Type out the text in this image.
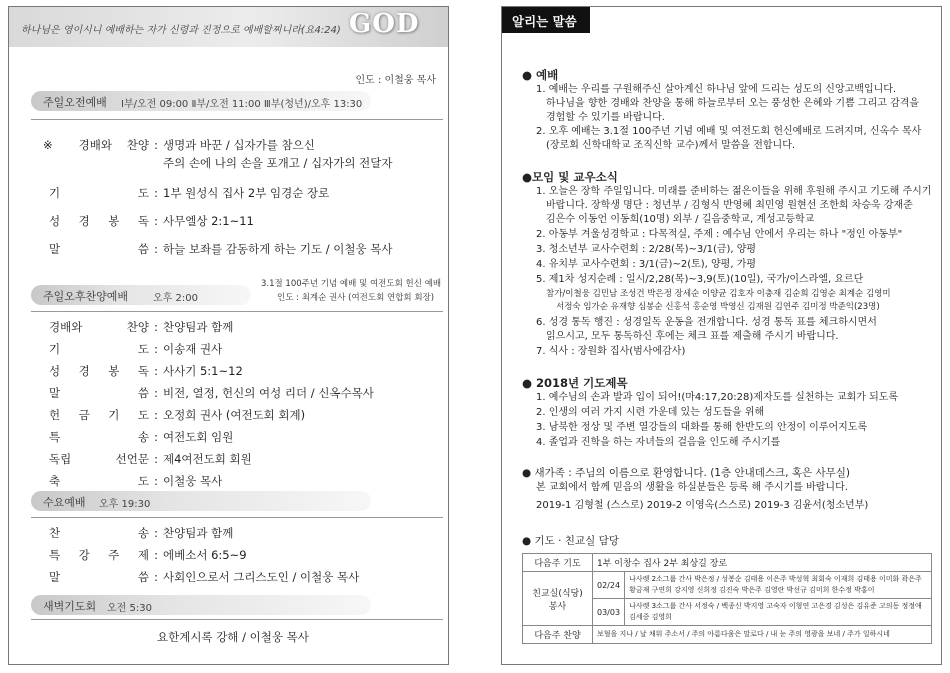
하나님은 영이시니 예배하는 자가 신령과 진정으로 예배할찌니라(요4:24) GOD
인도 : 이철웅 목사
주일오전예배 Ⅰ부/오전 09:00 Ⅱ부/오전 11:00 Ⅲ부(청년)/오후 13:30
※ 경배와 찬양 : 생명과 바꾼 / 십자가를 참으신
주의 손에 나의 손을 포개고 / 십자가의 전달자
기 도 : 1부 원성식 집사 2부 임경순 장로
성 경 봉 독 : 사무엘상 2:1~11
말 씀 : 하늘 보좌를 감동하게 하는 기도 / 이철웅 목사
주일오후찬양예배 오후 2:00
3.1절 100주년 기념 예배 및 여전도회 헌신 예배
인도 : 최계순 권사 (여전도회 연합회 회장)
경배와 찬양 : 찬양팀과 함께
기 도 : 이송재 권사
성 경 봉 독 : 사사기 5:1~12
말 씀 : 비전, 열정, 헌신의 여성 리더 / 신옥수목사
헌 금 기 도 : 오정희 권사 (여전도회 회계)
특 송 : 여전도회 임원
독립 선언문 : 제4여전도회 회원
축 도 : 이철웅 목사
수요예배 오후 19:30
찬 송 : 찬양팀과 함께
특 강 주 제 : 에베소서 6:5~9
말 씀 : 사회인으로서 그리스도인 / 이철웅 목사
새벽기도회 오전 5:30
요한계시록 강해 / 이철웅 목사
알리는 말씀
● 예배
1. 예배는 우리를 구원해주신 살아계신 하나님 앞에 드리는 성도의 신앙고백입니다.
하나님을 향한 경배와 찬양을 통해 하늘로부터 오는 풍성한 은혜와 기쁨 그리고 감격을
경험할 수 있기를 바랍니다.
2. 오후 예배는 3.1절 100주년 기념 예배 및 여전도회 헌신예배로 드려지며, 신옥수 목사
(장로회 신학대학교 조직신학 교수)께서 말씀을 전합니다.
●모임 및 교우소식
1. 오늘은 장학 주일입니다. 미래를 준비하는 젊은이들을 위해 후원해 주시고 기도해 주시기
바랍니다. 장학생 명단 : 청년부 / 김형식 반영혜 최민영 원현선 조한희 차승욱 강재준
김은수 이동언 이동희(10명) 외부 / 길음중학교, 계성고등학교
2. 아동부 겨울성경학교 : 다목적실, 주제 : 예수님 안에서 우리는 하나 "정인 아동부"
3. 청소년부 교사수련회 : 2/28(목)~3/1(금), 양평
4. 유치부 교사수련회 : 3/1(금)~2(토), 양평, 가평
5. 제1차 성지순례 : 일시/2,28(목)~3,9(토)(10일), 국가/이스라엘, 요르단
참가/이철웅 김민남 조성건 박은정 장세순 이양균 김호자 이충재 김순희 김영순 최계순 김영미
서정숙 임가순 유재향 심봉순 신홍석 홍순영 박영신 김재원 김연주 김미정 박준익(23명)
6. 성경 통독 행진 : 성경일독 운동을 전개합니다. 성경 통독 표를 체크하시면서
읽으시고, 모두 통독하신 후에는 체크 표를 제출해 주시기 바랍니다.
7. 식사 : 장원화 집사(범사에감사)
● 2018년 기도제목
1. 예수님의 손과 발과 입이 되어!(마4:17,20:28)제자도를 실천하는 교회가 되도록
2. 인생의 여러 가지 시련 가운데 있는 성도들을 위해
3. 남북한 정상 및 주변 열강들의 대화를 통해 한반도의 안정이 이루어지도록
4. 졸업과 진학을 하는 자녀들의 걸음을 인도해 주시기를
● 새가족 : 주님의 이름으로 환영합니다. (1층 안내데스크, 혹은 사무실)
본 교회에서 함께 믿음의 생활을 하실분들은 등록 해 주시기를 바랍니다.
2019-1 김형철 (스스로) 2019-2 이영옥(스스로) 2019-3 김윤서(청소년부)
● 기도 · 친교실 담당
다음주 기도	1부 이창수 집사 2부 최상길 장로	
친교실(식당) 봉사	02/24	나사렛 2소그룹 간사 박은정 / 성봉순 김태용 이은주 박성혁 최회숙 이재희 김태용 이미화 곽은주 황금재 구연희 강지영 신희정 김진숙 박은주 김영란 박선규 김미희 한수정 박홍이
	03/03	나사렛 3소그룹 간사 서정숙 / 백종신 박지영 고숙자 이형연 고은경 김성은 김유준 고의동 정정애 김세중 김영희
다음주 찬양	보혈을 지나 / 날 채워 주소서 / 주의 아름다움은 말로다 / 내 눈 주의 영광을 보네 / 주가 일하시네	
